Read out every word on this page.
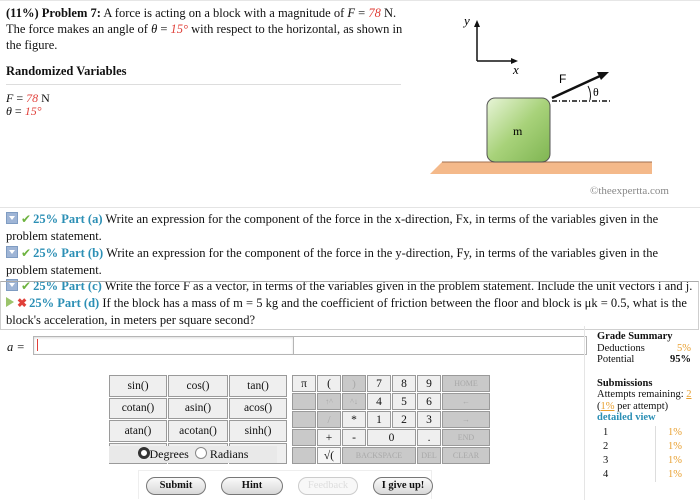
(11%) Problem 7: A force is acting on a block with a magnitude of F = 78 N. The force makes an angle of θ = 15° with respect to the horizontal, as shown in the figure.
Randomized Variables
F = 78 N
θ = 15°
y
x
m
F
θ
©theexpertta.com
✔ 25% Part (a) Write an expression for the component of the force in the x-direction, Fx, in terms of the variables given in the problem statement.
✔ 25% Part (b) Write an expression for the component of the force in the y-direction, Fy, in terms of the variables given in the problem statement.
✔ 25% Part (c) Write the force F as a vector, in terms of the variables given in the problem statement. Include the unit vectors i and j.
✖ 25% Part (d) If the block has a mass of m = 5 kg and the coefficient of friction between the floor and block is μk = 0.5, what is the block's acceleration, in meters per square second?
a =
Grade Summary
Deductions	5%
Potential	95%
Submissions
Attempts remaining: 2
(1% per attempt)
detailed view
1	1%
2	1%
3	1%
4	1%
sin()	cos()	tan()
cotan()	asin()	acos()
atan()	acotan()	sinh()

π	(	)	7	8	9	HOME
	↑^	^↓	4	5	6	←
	/	*	1	2	3	→
	+	-	0		.	END
	√(	BACKSPACE			DEL	CLEAR
Degrees Radians
Submit	Hint	Feedback	I give up!
